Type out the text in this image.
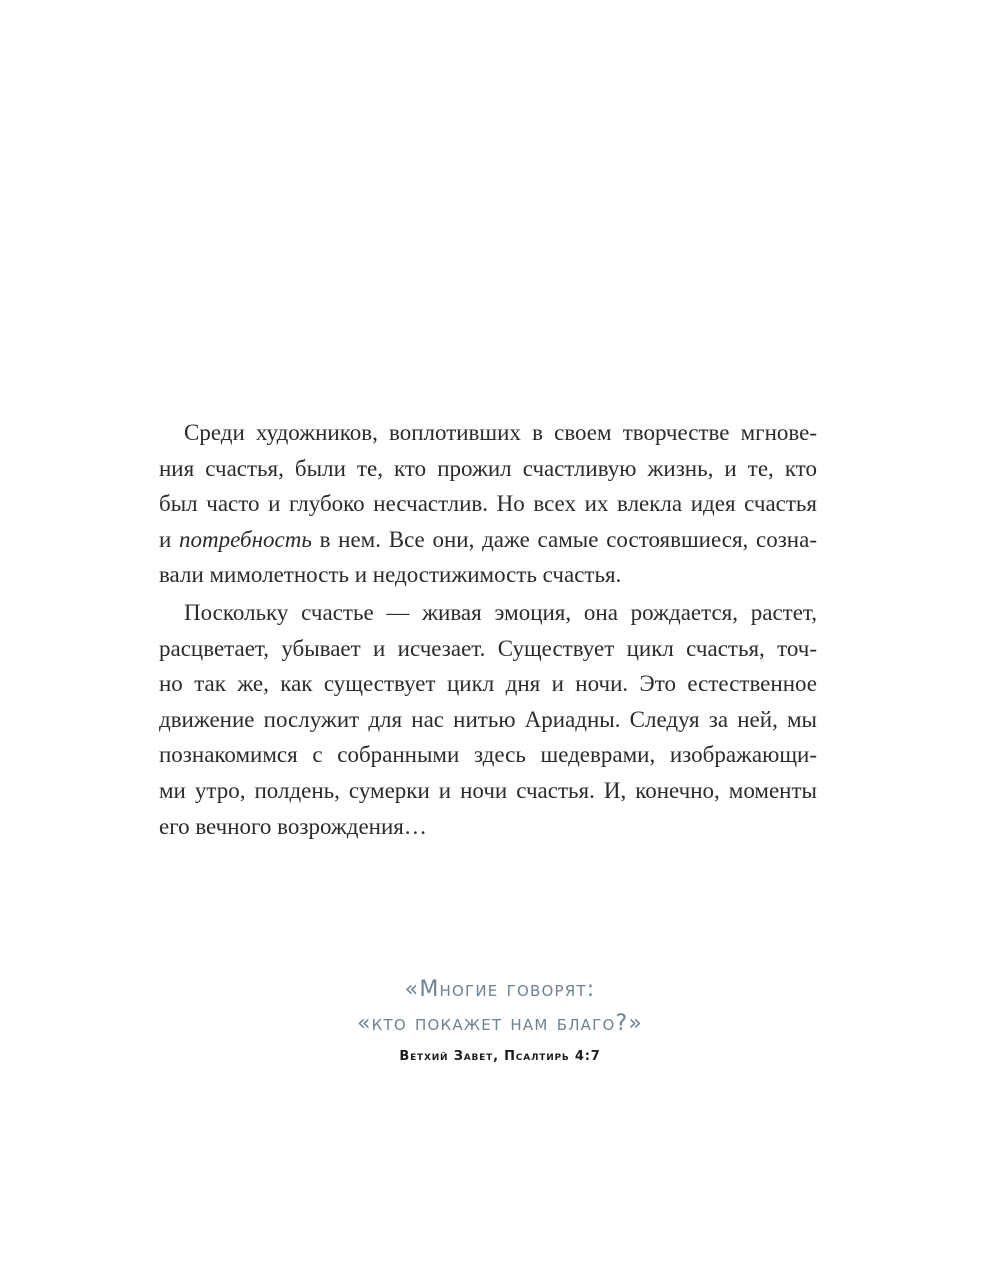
Среди художников, воплотивших в своем творчестве мгнове-
ния счастья, были те, кто прожил счастливую жизнь, и те, кто
был часто и глубоко несчастлив. Но всех их влекла идея счастья
и потребность в нем. Все они, даже самые состоявшиеся, созна-
вали мимолетность и недостижимость счастья.
Поскольку счастье — живая эмоция, она рождается, растет,
расцветает, убывает и исчезает. Существует цикл счастья, точ-
но так же, как существует цикл дня и ночи. Это естественное
движение послужит для нас нитью Ариадны. Следуя за ней, мы
познакомимся с собранными здесь шедеврами, изображающи-
ми утро, полдень, сумерки и ночи счастья. И, конечно, моменты
его вечного возрождения…
«Многие говорят:
«кто покажет нам благо?»
Ветхий Завет, Псалтирь 4:7
